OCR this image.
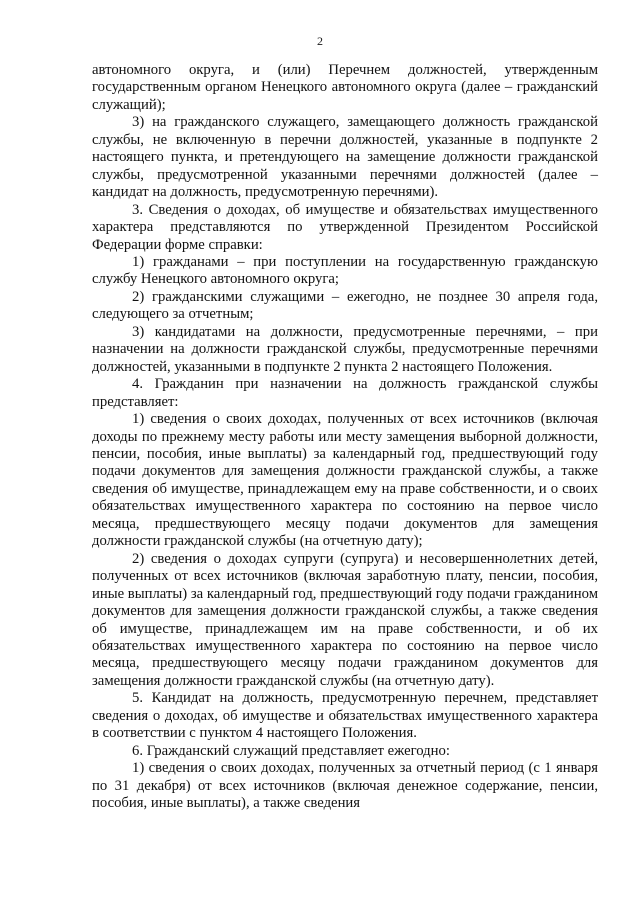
2

автономного округа, и (или) Перечнем должностей, утвержденным государственным органом Ненецкого автономного округа (далее – гражданский служащий);

3) на гражданского служащего, замещающего должность гражданской службы, не включенную в перечни должностей, указанные в подпункте 2 настоящего пункта, и претендующего на замещение должности гражданской службы, предусмотренной указанными перечнями должностей (далее – кандидат на должность, предусмотренную перечнями).

3. Сведения о доходах, об имуществе и обязательствах имущественного характера представляются по утвержденной Президентом Российской Федерации форме справки:

1) гражданами – при поступлении на государственную гражданскую службу Ненецкого автономного округа;

2) гражданскими служащими – ежегодно, не позднее 30 апреля года, следующего за отчетным;

3) кандидатами на должности, предусмотренные перечнями, – при назначении на должности гражданской службы, предусмотренные перечнями должностей, указанными в подпункте 2 пункта 2 настоящего Положения.

4. Гражданин при назначении на должность гражданской службы представляет:

1) сведения о своих доходах, полученных от всех источников (включая доходы по прежнему месту работы или месту замещения выборной должности, пенсии, пособия, иные выплаты) за календарный год, предшествующий году подачи документов для замещения должности гражданской службы, а также сведения об имуществе, принадлежащем ему на праве собственности, и о своих обязательствах имущественного характера по состоянию на первое число месяца, предшествующего месяцу подачи документов для замещения должности гражданской службы (на отчетную дату);

2) сведения о доходах супруги (супруга) и несовершеннолетних детей, полученных от всех источников (включая заработную плату, пенсии, пособия, иные выплаты) за календарный год, предшествующий году подачи гражданином документов для замещения должности гражданской службы, а также сведения об имуществе, принадлежащем им на праве собственности, и об их обязательствах имущественного характера по состоянию на первое число месяца, предшествующего месяцу подачи гражданином документов для замещения должности гражданской службы (на отчетную дату).

5. Кандидат на должность, предусмотренную перечнем, представляет сведения о доходах, об имуществе и обязательствах имущественного характера в соответствии с пунктом 4 настоящего Положения.

6. Гражданский служащий представляет ежегодно:

1) сведения о своих доходах, полученных за отчетный период (с 1 января по 31 декабря) от всех источников (включая денежное содержание, пенсии, пособия, иные выплаты), а также сведения
